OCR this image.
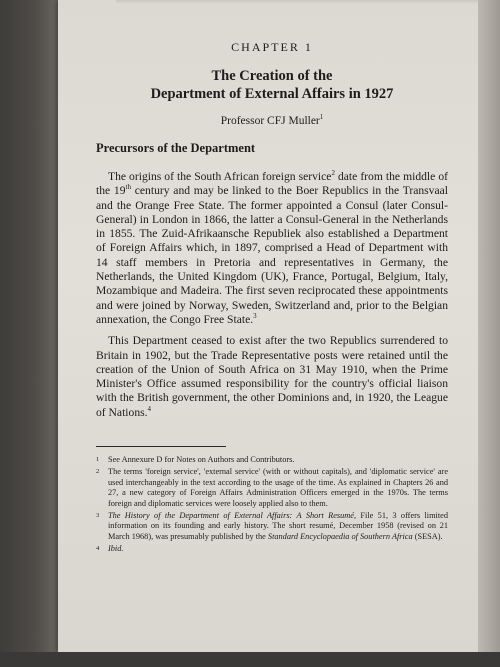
CHAPTER 1
The Creation of the
Department of External Affairs in 1927
Professor CFJ Muller$^1$
Precursors of the Department

The origins of the South African foreign service$^2$ date from the middle of the 19th century and may be linked to the Boer Republics in the Transvaal and the Orange Free State. The former appointed a Consul (later Consul-General) in London in 1866, the latter a Consul-General in the Netherlands in 1855. The Zuid-Afrikaansche Republiek also established a Department of Foreign Affairs which, in 1897, comprised a Head of Department with 14 staff members in Pretoria and representatives in Germany, the Netherlands, the United Kingdom (UK), France, Portugal, Belgium, Italy, Mozambique and Madeira. The first seven reciprocated these appointments and were joined by Norway, Sweden, Switzerland and, prior to the Belgian annexation, the Congo Free State.$^3$

This Department ceased to exist after the two Republics surrendered to Britain in 1902, but the Trade Representative posts were retained until the creation of the Union of South Africa on 31 May 1910, when the Prime Minister's Office assumed responsibility for the country's official liaison with the British government, the other Dominions and, in 1920, the League of Nations.$^4$

1 See Annexure D for Notes on Authors and Contributors.
2 The terms 'foreign service', 'external service' (with or without capitals), and 'diplomatic service' are used interchangeably in the text according to the usage of the time. As explained in Chapters 26 and 27, a new category of Foreign Affairs Administration Officers emerged in the 1970s. The terms foreign and diplomatic services were loosely applied also to them.
3 The History of the Department of External Affairs: A Short Resumé, File 51, 3 offers limited information on its founding and early history. The short resumé, December 1958 (revised on 21 March 1968), was presumably published by the Standard Encyclopaedia of Southern Africa (SESA).
4 Ibid.
